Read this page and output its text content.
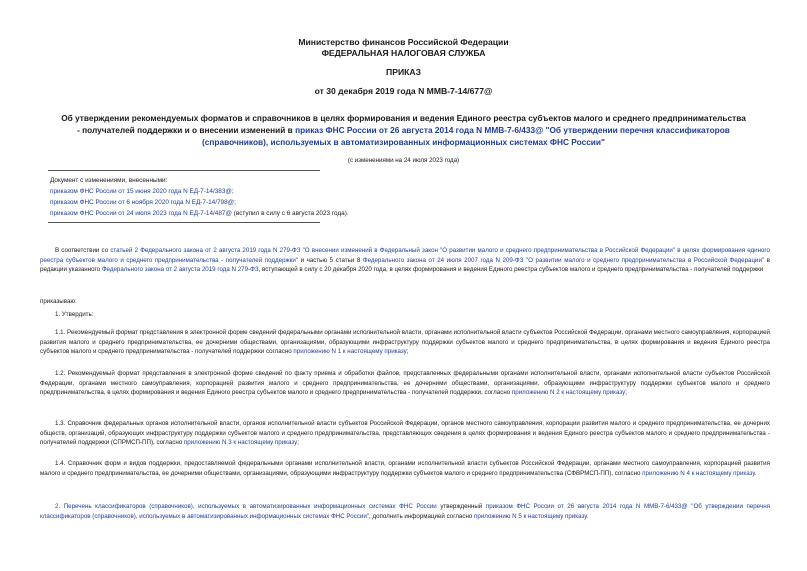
Министерство финансов Российской Федерации
ФЕДЕРАЛЬНАЯ НАЛОГОВАЯ СЛУЖБА
ПРИКАЗ
от 30 декабря 2019 года N ММВ-7-14/677@
Об утверждении рекомендуемых форматов и справочников в целях формирования и ведения Единого реестра субъектов малого и среднего предпринимательства - получателей поддержки и о внесении изменений в приказ ФНС России от 26 августа 2014 года N ММВ-7-6/433@ "Об утверждении перечня классификаторов (справочников), используемых в автоматизированных информационных системах ФНС России"
(с изменениями на 24 июля 2023 года)
Документ с изменениями, внесенными:
приказом ФНС России от 15 июня 2020 года N ЕД-7-14/383@;
приказом ФНС России от 6 ноября 2020 года N ЕД-7-14/798@;
приказом ФНС России от 24 июля 2023 года N ЕД-7-14/487@ (вступил в силу с 6 августа 2023 года).
В соответствии со статьей 2 Федерального закона от 2 августа 2019 года N 279-ФЗ "О внесении изменений в Федеральный закон "О развитии малого и среднего предпринимательства в Российской Федерации" в целях формирования единого реестра субъектов малого и среднего предпринимательства - получателей поддержки" и частью 5 статьи 8 Федерального закона от 24 июля 2007 года N 209-ФЗ "О развитии малого и среднего предпринимательства в Российской Федерации" в редакции указанного Федерального закона от 2 августа 2019 года N 279-ФЗ, вступающей в силу с 20 декабря 2020 года, в целях формирования и ведения Единого реестра субъектов малого и среднего предпринимательства - получателей поддержки
приказываю:
1. Утвердить:
1.1. Рекомендуемый формат представления в электронной форме сведений федеральными органами исполнительной власти, органами исполнительной власти субъектов Российской Федерации, органами местного самоуправления, корпорацией развития малого и среднего предпринимательства, ее дочерними обществами, организациями, образующими инфраструктуру поддержки субъектов малого и среднего предпринимательства, в целях формирования и ведения Единого реестра субъектов малого и среднего предпринимательства - получателей поддержки согласно приложению N 1 к настоящему приказу;
1.2. Рекомендуемый формат представления в электронной форме сведений по факту приема и обработки файлов, представленных федеральными органами исполнительной власти, органами исполнительной власти субъектов Российской Федерации, органами местного самоуправления, корпорацией развития малого и среднего предпринимательства, ее дочерними обществами, организациями, образующими инфраструктуру поддержки субъектов малого и среднего предпринимательства, в целях формирования и ведения Единого реестра субъектов малого и среднего предпринимательства - получателей поддержки, согласно приложению N 2 к настоящему приказу;
1.3. Справочник федеральных органов исполнительной власти, органов исполнительной власти субъектов Российской Федерации, органов местного самоуправления, корпорации развития малого и среднего предпринимательства, ее дочерних обществ, организаций, образующих инфраструктуру поддержки субъектов малого и среднего предпринимательства, представляющих сведения в целях формирования и ведения Единого реестра субъектов малого и среднего предпринимательства - получателей поддержки (СПРМСП-ПП), согласно приложению N 3 к настоящему приказу;
1.4. Справочник форм и видов поддержки, предоставляемой федеральными органами исполнительной власти, органами исполнительной власти субъектов Российской Федерации, органами местного самоуправления, корпорацией развития малого и среднего предпринимательства, ее дочерними обществами, организациями, образующими инфраструктуру поддержки субъектов малого и среднего предпринимательства (СФВРМСП-ПП), согласно приложению N 4 к настоящему приказу.
2. Перечень классификаторов (справочников), используемых в автоматизированных информационных системах ФНС России утвержденный приказом ФНС России от 26 августа 2014 года N ММВ-7-6/433@ "Об утверждении перечня классификаторов (справочников), используемых в автоматизированных информационных системах ФНС России", дополнить информацией согласно приложению N 5 к настоящему приказу.
